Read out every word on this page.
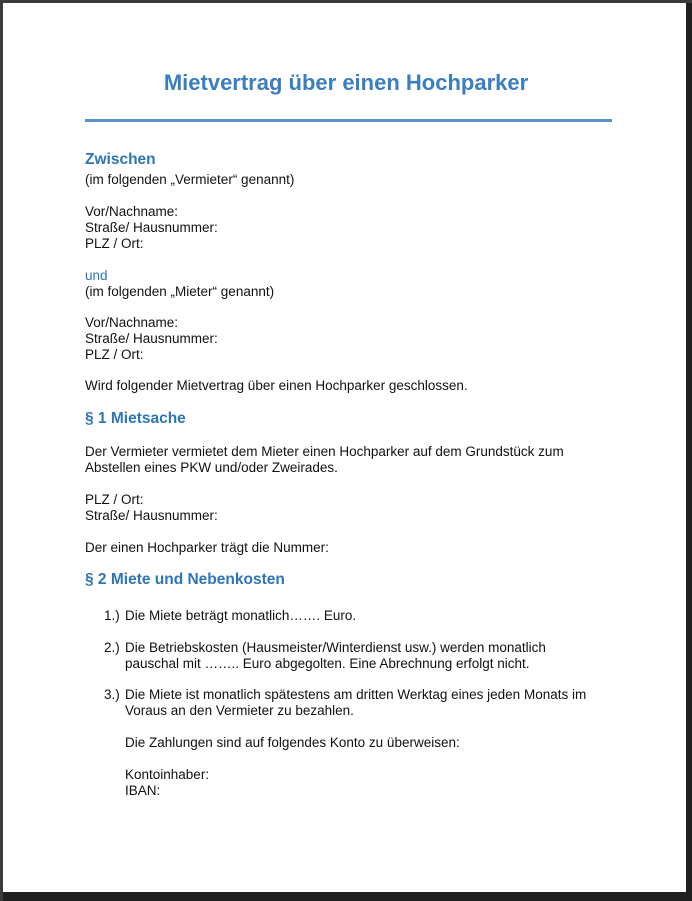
Mietvertrag über einen Hochparker
Zwischen
(im folgenden „Vermieter“ genannt)
Vor/Nachname:
Straße/ Hausnummer:
PLZ / Ort:
und
(im folgenden „Mieter“ genannt)
Vor/Nachname:
Straße/ Hausnummer:
PLZ / Ort:
Wird folgender Mietvertrag über einen Hochparker geschlossen.
§ 1 Mietsache
Der Vermieter vermietet dem Mieter einen Hochparker auf dem Grundstück zum
Abstellen eines PKW und/oder Zweirades.
PLZ / Ort:
Straße/ Hausnummer:
Der einen Hochparker trägt die Nummer:
§ 2 Miete und Nebenkosten
1.) Die Miete beträgt monatlich……. Euro.
2.) Die Betriebskosten (Hausmeister/Winterdienst usw.) werden monatlich
pauschal mit …….. Euro abgegolten. Eine Abrechnung erfolgt nicht.
3.) Die Miete ist monatlich spätestens am dritten Werktag eines jeden Monats im
Voraus an den Vermieter zu bezahlen.
Die Zahlungen sind auf folgendes Konto zu überweisen:
Kontoinhaber:
IBAN:
